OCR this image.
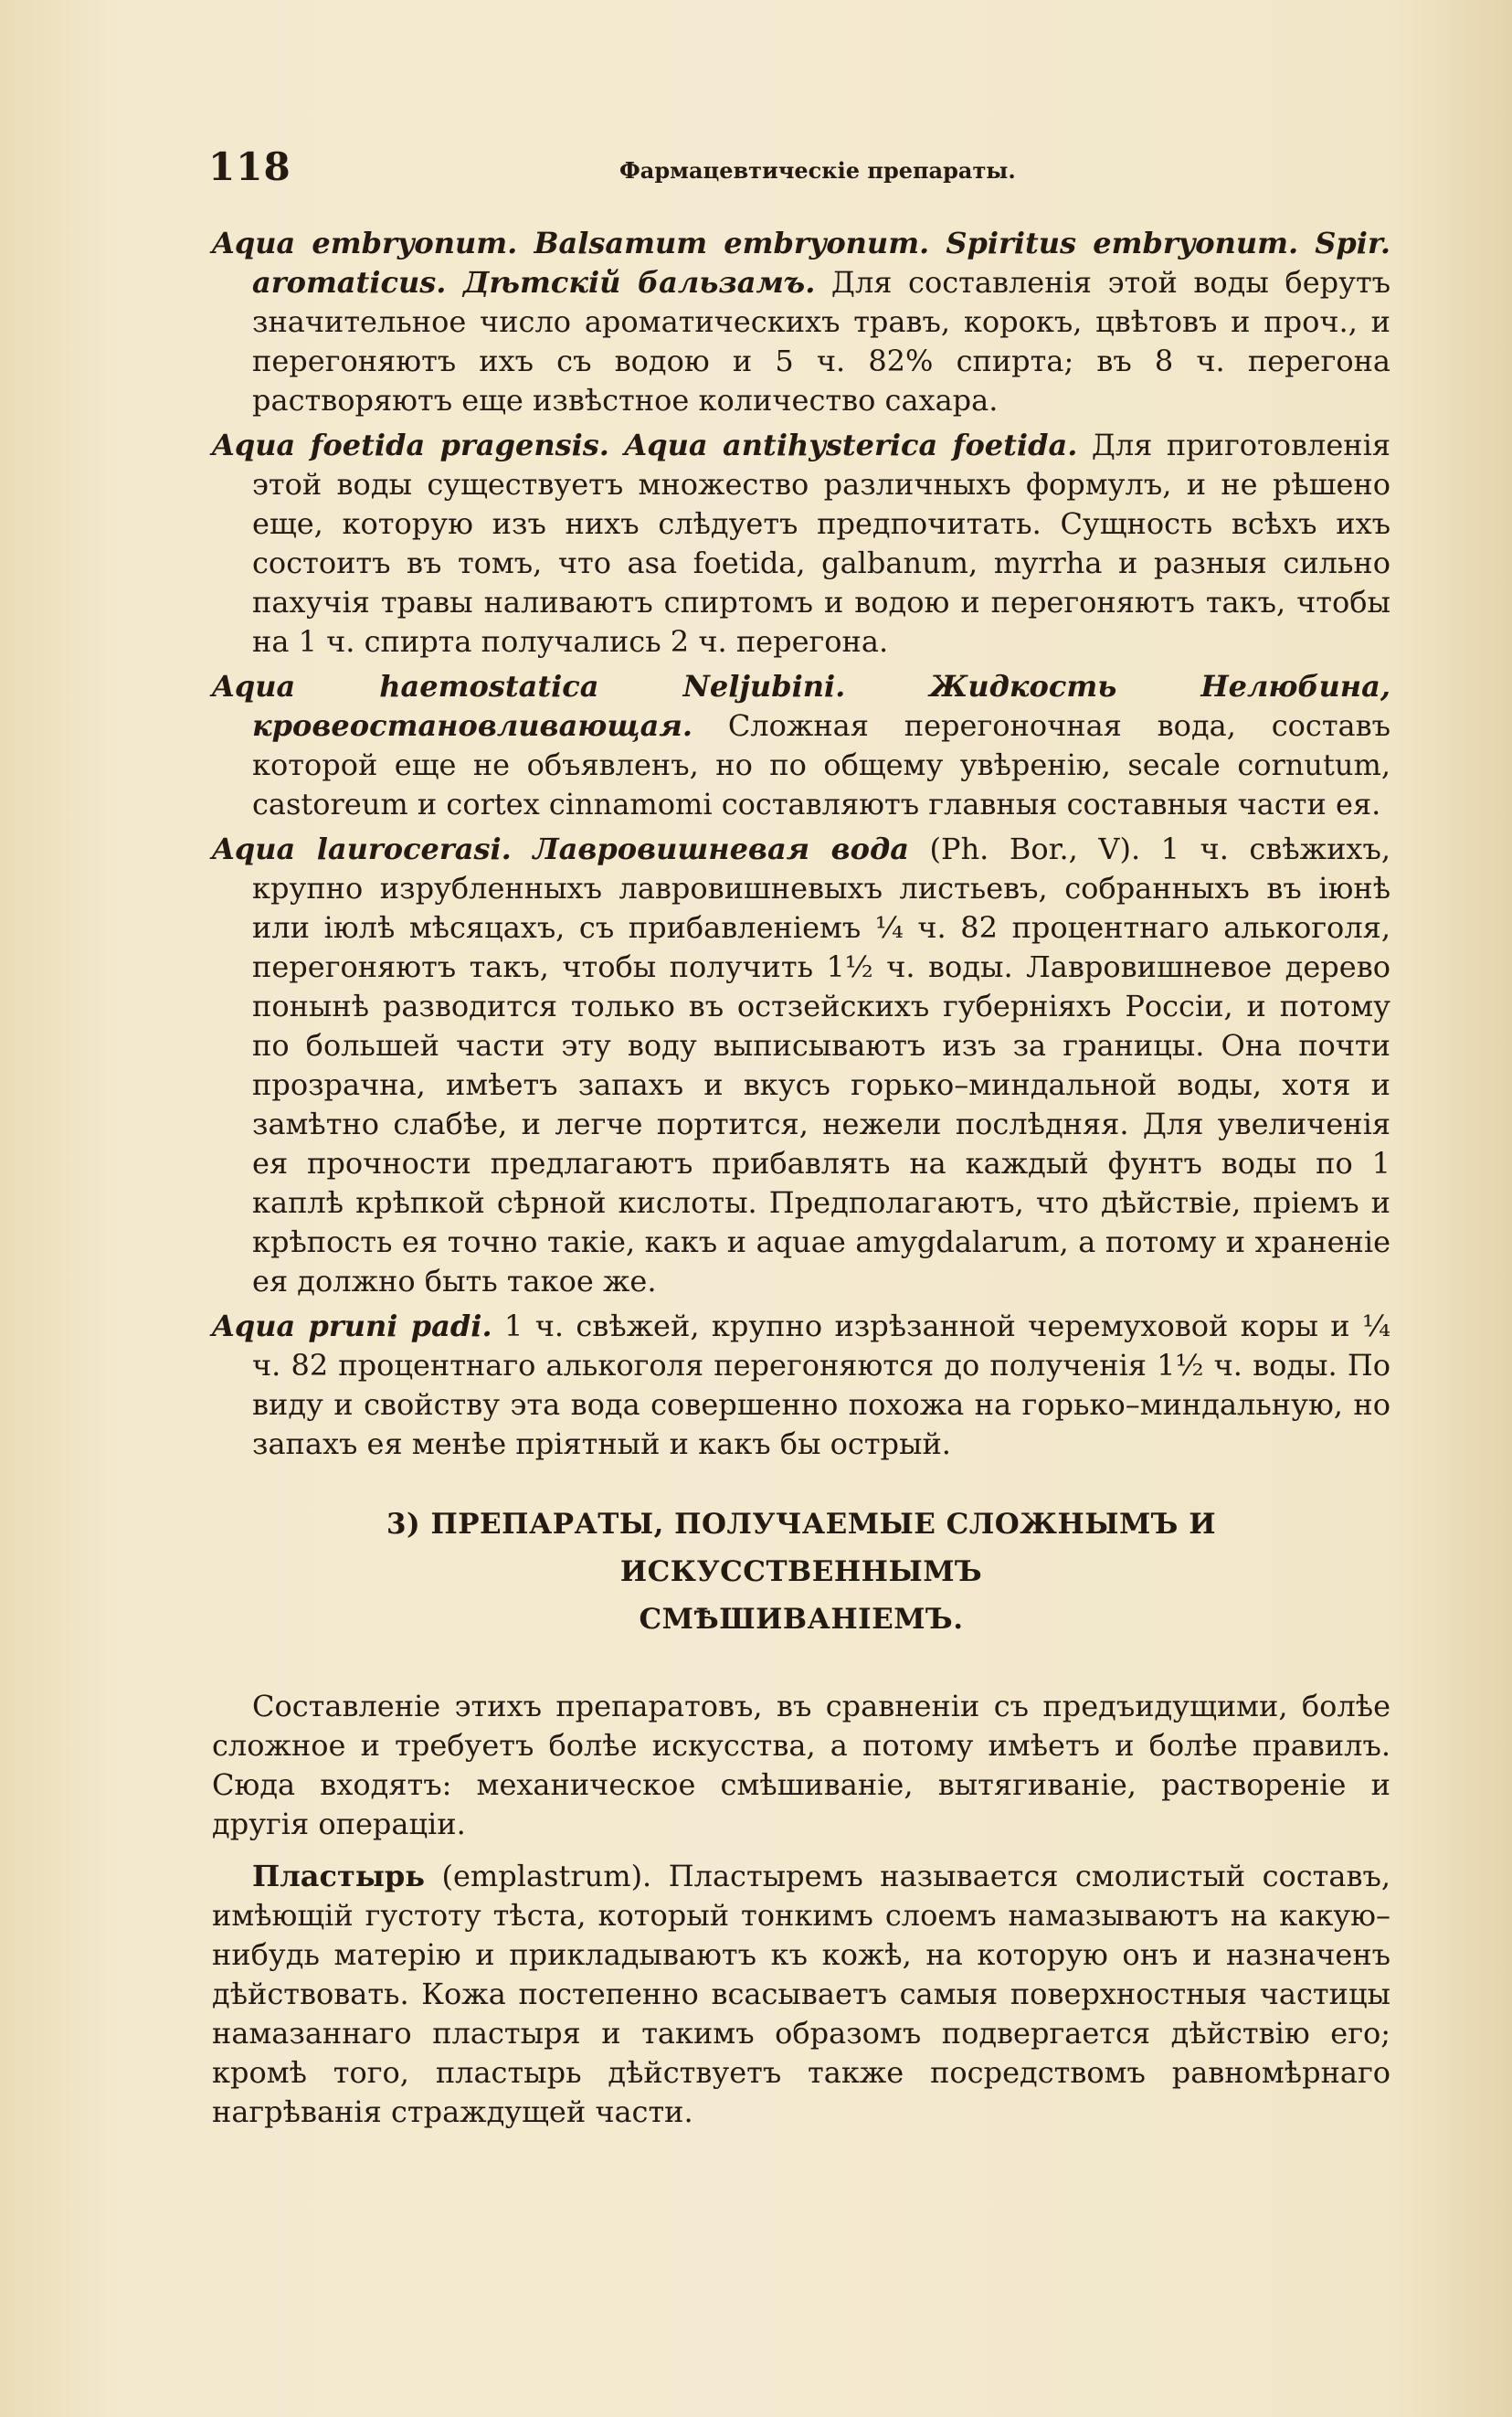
118	Фармацевтическіе препараты.

Aqua embryonum. Balsamum embryonum. Spiritus embryonum. Spir. aromaticus. Дѣтскій бальзамъ. Для составленія этой воды берутъ значительное число ароматическихъ травъ, корокъ, цвѣтовъ и проч., и перегоняютъ ихъ съ водою и 5 ч. 82% спирта; въ 8 ч. перегона растворяютъ еще извѣстное количество сахара.

Aqua foetida pragensis. Aqua antihysterica foetida. Для приготовленія этой воды существуетъ множество различныхъ формулъ, и не рѣшено еще, которую изъ нихъ слѣдуетъ предпочитать. Сущность всѣхъ ихъ состоитъ въ томъ, что asa foetida, galbanum, myrrha и разныя сильно пахучія травы наливаютъ спиртомъ и водою и перегоняютъ такъ, чтобы на 1 ч. спирта получались 2 ч. перегона.

Aqua haemostatica Neljubini. Жидкость Нелюбина, кровеостановливающая. Сложная перегоночная вода, составъ которой еще не объявленъ, но по общему увѣренію, secale cornutum, castoreum и cortex cinnamomi составляютъ главныя составныя части ея.

Aqua laurocerasi. Лавровишневая вода (Ph. Bor., V). 1 ч. свѣжихъ, крупно изрубленныхъ лавровишневыхъ листьевъ, собранныхъ въ іюнѣ или іюлѣ мѣсяцахъ, съ прибавленіемъ ¼ ч. 82 процентнаго алькоголя, перегоняютъ такъ, чтобы получить 1½ ч. воды. Лавровишневое дерево понынѣ разводится только въ остзейскихъ губерніяхъ Россіи, и потому по большей части эту воду выписываютъ изъ за границы. Она почти прозрачна, имѣетъ запахъ и вкусъ горько–миндальной воды, хотя и замѣтно слабѣе, и легче портится, нежели послѣдняя. Для увеличенія ея прочности предлагаютъ прибавлять на каждый фунтъ воды по 1 каплѣ крѣпкой сѣрной кислоты. Предполагаютъ, что дѣйствіе, пріемъ и крѣпость ея точно такіе, какъ и aquae amygdalarum, а потому и храненіе ея должно быть такое же.

Aqua pruni padi. 1 ч. свѣжей, крупно изрѣзанной черемуховой коры и ¼ ч. 82 процентнаго алькоголя перегоняются до полученія 1½ ч. воды. По виду и свойству эта вода совершенно похожа на горько–миндальную, но запахъ ея менѣе пріятный и какъ бы острый.

3) ПРЕПАРАТЫ, ПОЛУЧАЕМЫЕ СЛОЖНЫМЪ И ИСКУССТВЕННЫМЪ
СМѢШИВАНІЕМЪ.

Составленіе этихъ препаратовъ, въ сравненіи съ предъидущими, болѣе сложное и требуетъ болѣе искусства, а потому имѣетъ и болѣе правилъ. Сюда входятъ: механическое смѣшиваніе, вытягиваніе, раствореніе и другія операціи.

Пластырь (emplastrum). Пластыремъ называется смолистый составъ, имѣющій густоту тѣста, который тонкимъ слоемъ намазываютъ на какую–нибудь матерію и прикладываютъ къ кожѣ, на которую онъ и назначенъ дѣйствовать. Кожа постепенно всасываетъ самыя поверхностныя частицы намазаннаго пластыря и такимъ образомъ подвергается дѣйствію его; кромѣ того, пластырь дѣйствуетъ также посредствомъ равномѣрнаго нагрѣванія страждущей части.
